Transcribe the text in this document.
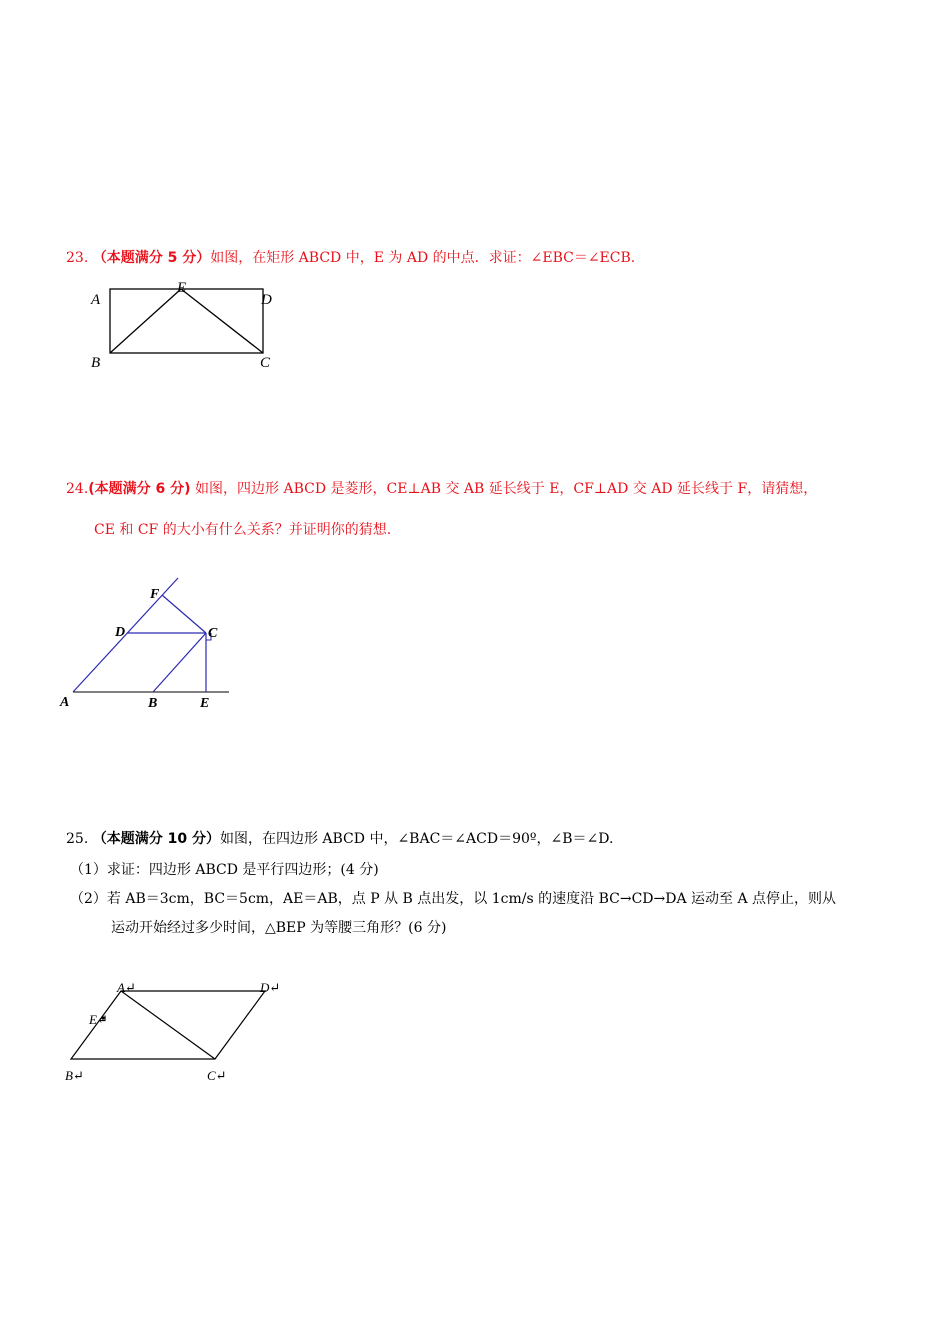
23. （本题满分 5 分）如图，在矩形 ABCD 中，E 为 AD 的中点．求证：∠EBC＝∠ECB.
A
E
D
B	C
24.(本题满分 6 分) 如图，四边形 ABCD 是菱形，CE⊥AB 交 AB 延长线于 E，CF⊥AD 交 AD 延长线于 F，请猜想，
CE 和 CF 的大小有什么关系？并证明你的猜想.
F
D	C
A	B	E
25. （本题满分 10 分）如图，在四边形 ABCD 中，∠BAC＝∠ACD＝90º，∠B＝∠D.
（1）求证：四边形 ABCD 是平行四边形；(4 分)
（2）若 AB＝3cm，BC＝5cm，AE＝AB，点 P 从 B 点出发，以 1cm/s 的速度沿 BC→CD→DA 运动至 A 点停止，则从
运动开始经过多少时间，△BEP 为等腰三角形？(6 分)
A↵	D↵
E↵
B↵	C↵
